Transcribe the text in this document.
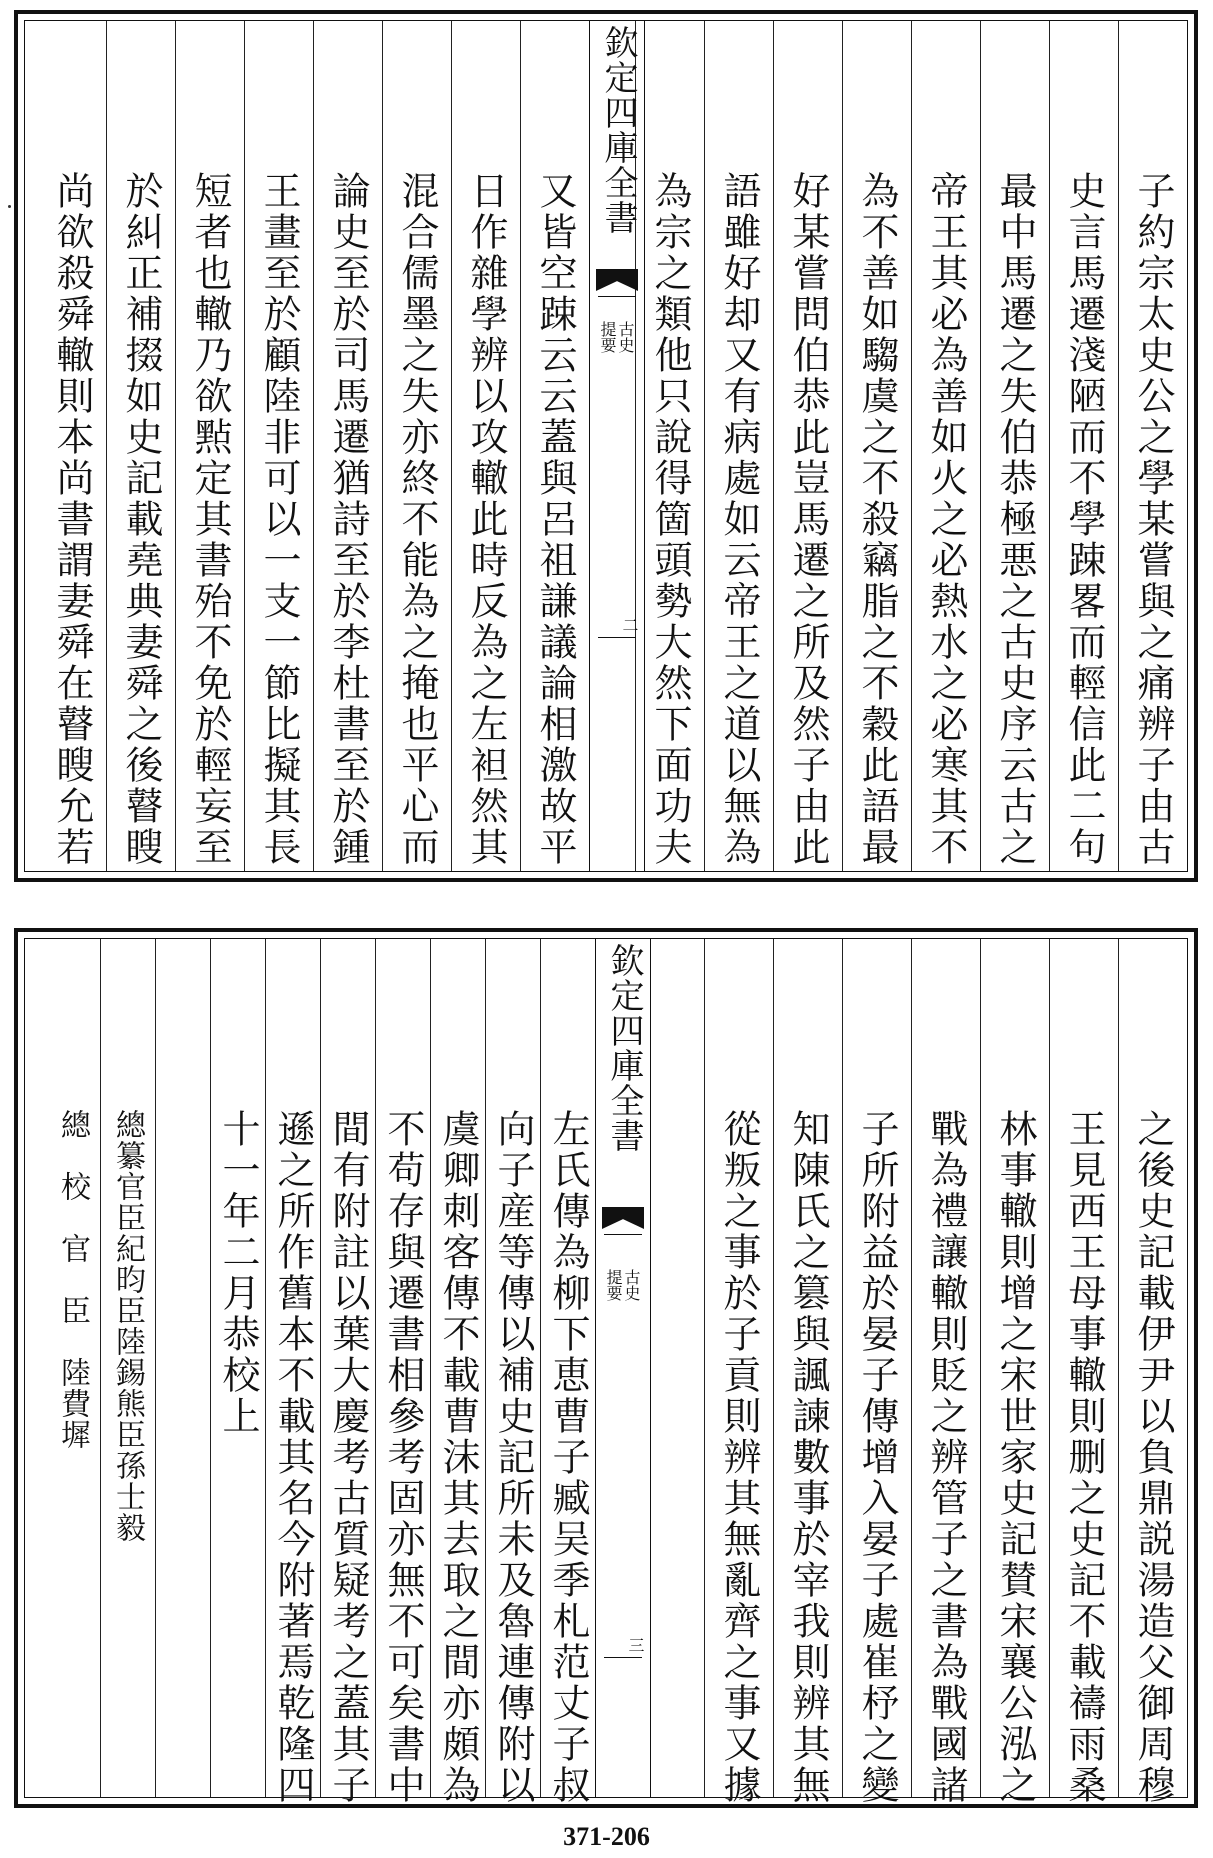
子約宗太史公之學某嘗與之痛辨子由古
史言馬遷淺陋而不學踈畧而輕信此二句
最中馬遷之失伯恭極悪之古史序云古之
帝王其必為善如火之必熱水之必寒其不
為不善如騶虞之不殺竊脂之不穀此語最
好某嘗問伯恭此豈馬遷之所及然子由此
語雖好却又有病處如云帝王之道以無為
為宗之類他只說得箇頭勢大然下面功夫
欽定四庫全書
古史
提要
二
又皆空踈云云蓋與呂祖謙議論相激故平
日作雜學辨以攻轍此時反為之左袒然其
混合儒墨之失亦終不能為之掩也平心而
論史至於司馬遷猶詩至於李杜書至於鍾
王畫至於顧陸非可以一支一節比擬其長
短者也轍乃欲㸃定其書殆不免於輕妄至
於糾正補掇如史記載堯典妻舜之後瞽瞍
尚欲殺舜轍則本尚書謂妻舜在瞽瞍允若
之後史記載伊尹以負鼎説湯造父御周穆
王見西王母事轍則删之史記不載禱雨桑
林事轍則增之宋世家史記賛宋襄公泓之
戰為禮讓轍則貶之辨管子之書為戰國諸
子所附益於晏子傳增入晏子處崔杼之變
知陳氏之篡與諷諫數事於宰我則辨其無
從叛之事於子貢則辨其無亂齊之事又據
欽定四庫全書
古史
提要
三
左氏傳為柳下恵曹子臧吴季札范丈子叔
向子産等傳以補史記所未及魯連傳附以
虞卿刺客傳不載曹沫其去取之間亦頗為
不苟存與遷書相參考固亦無不可矣書中
間有附註以葉大慶考古質疑考之蓋其子
遜之所作舊本不載其名今附著焉乾隆四
十一年二月恭校上
總纂官臣紀昀臣陸錫熊臣孫士毅
總　校　官　臣　陸費墀
371-206
